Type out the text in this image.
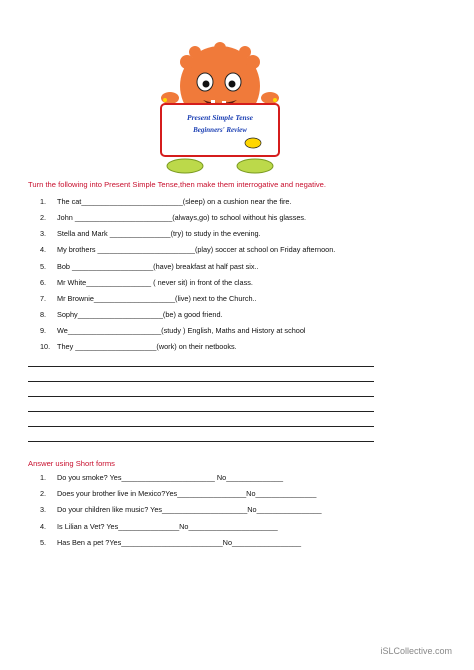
Present Simple Tense
Beginners' Review
Turn the following into Present Simple Tense,then make them interrogative and negative.
1. The cat_________________________(sleep) on a cushion near the fire.
2. John ________________________(always,go) to school without his glasses.
3. Stella and Mark _______________(try) to study in the evening.
4. My brothers ________________________(play) soccer at school on Friday afternoon.
5. Bob ____________________(have) breakfast at half past six..
6. Mr White________________ ( never sit) in front of the class.
7. Mr Brownie____________________(live) next to the Church..
8. Sophy_____________________(be) a good friend.
9. We_______________________(study ) English, Maths and History at school
10. They ____________________(work) on their netbooks.
Answer using Short forms
1. Do you smoke? Yes_______________________ No______________
2. Does your brother live in Mexico?Yes_________________No_______________
3. Do your children like music? Yes_____________________No________________
4. Is Lilian a Vet? Yes_______________No______________________
5. Has Ben a pet ?Yes_________________________No_________________
iSLCollective.com
